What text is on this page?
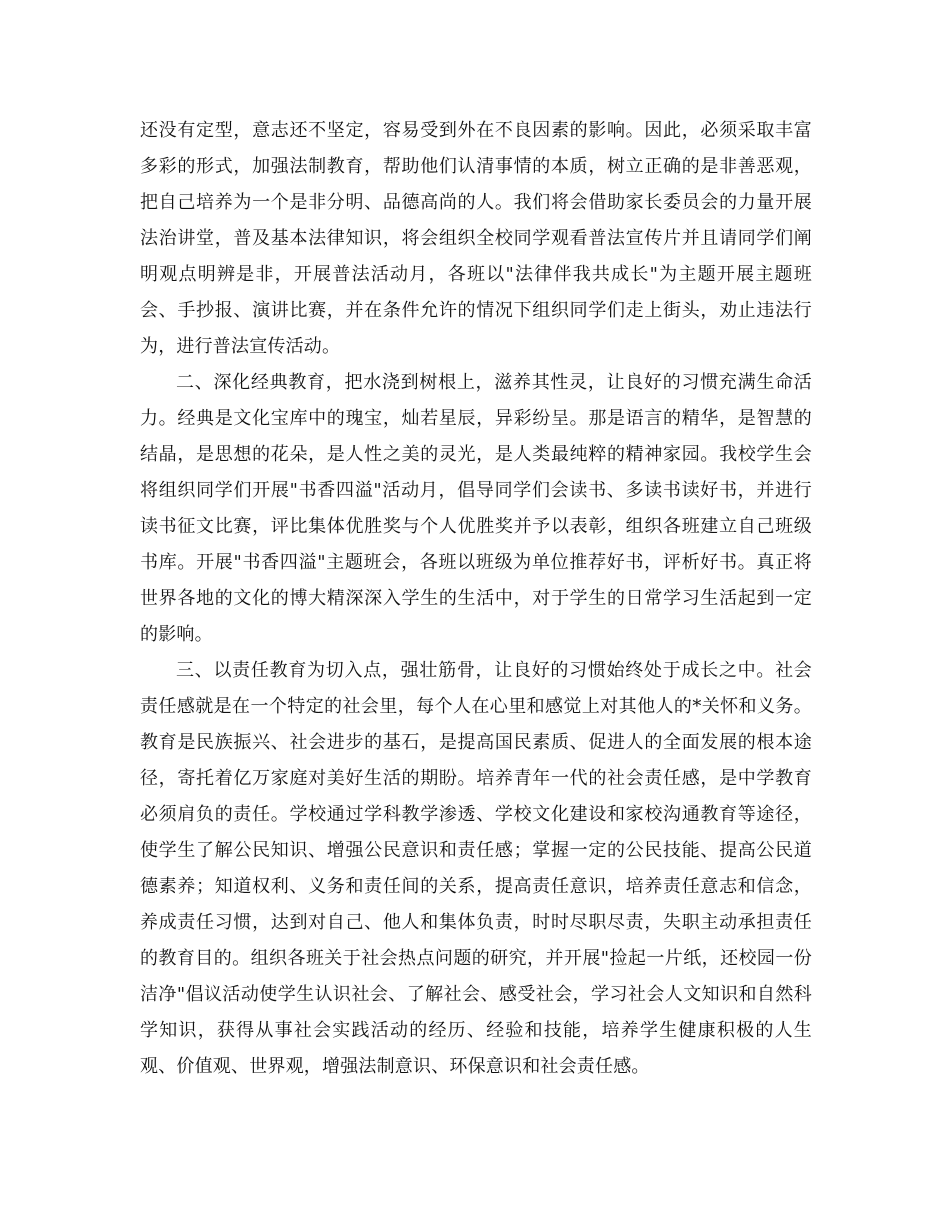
还没有定型，意志还不坚定，容易受到外在不良因素的影响。因此，必须采取丰富多彩的形式，加强法制教育，帮助他们认清事情的本质，树立正确的是非善恶观，把自己培养为一个是非分明、品德高尚的人。我们将会借助家长委员会的力量开展法治讲堂，普及基本法律知识，将会组织全校同学观看普法宣传片并且请同学们阐明观点明辨是非，开展普法活动月，各班以"法律伴我共成长"为主题开展主题班会、手抄报、演讲比赛，并在条件允许的情况下组织同学们走上街头，劝止违法行为，进行普法宣传活动。

二、深化经典教育，把水浇到树根上，滋养其性灵，让良好的习惯充满生命活力。经典是文化宝库中的瑰宝，灿若星辰，异彩纷呈。那是语言的精华，是智慧的结晶，是思想的花朵，是人性之美的灵光，是人类最纯粹的精神家园。我校学生会将组织同学们开展"书香四溢"活动月，倡导同学们会读书、多读书读好书，并进行读书征文比赛，评比集体优胜奖与个人优胜奖并予以表彰，组织各班建立自己班级书库。开展"书香四溢"主题班会，各班以班级为单位推荐好书，评析好书。真正将世界各地的文化的博大精深深入学生的生活中，对于学生的日常学习生活起到一定的影响。

三、以责任教育为切入点，强壮筋骨，让良好的习惯始终处于成长之中。社会责任感就是在一个特定的社会里，每个人在心里和感觉上对其他人的*关怀和义务。教育是民族振兴、社会进步的基石，是提高国民素质、促进人的全面发展的根本途径，寄托着亿万家庭对美好生活的期盼。培养青年一代的社会责任感，是中学教育必须肩负的责任。学校通过学科教学渗透、学校文化建设和家校沟通教育等途径，使学生了解公民知识、增强公民意识和责任感；掌握一定的公民技能、提高公民道德素养；知道权利、义务和责任间的关系，提高责任意识，培养责任意志和信念，养成责任习惯，达到对自己、他人和集体负责，时时尽职尽责，失职主动承担责任的教育目的。组织各班关于社会热点问题的研究，并开展"捡起一片纸，还校园一份洁净"倡议活动使学生认识社会、了解社会、感受社会，学习社会人文知识和自然科学知识，获得从事社会实践活动的经历、经验和技能，培养学生健康积极的人生观、价值观、世界观，增强法制意识、环保意识和社会责任感。
